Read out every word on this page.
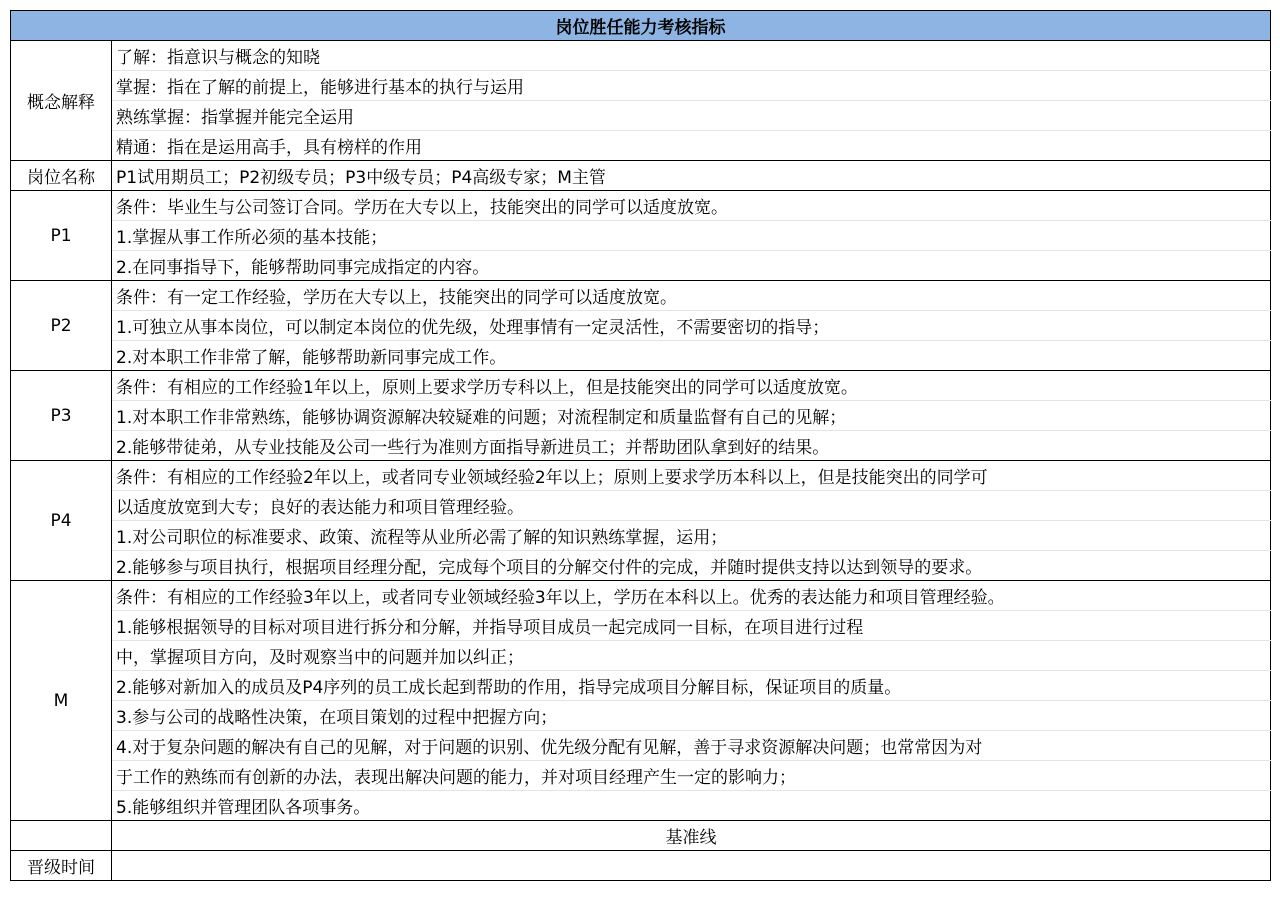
岗位胜任能力考核指标	
概念解释	了解：指意识与概念的知晓
	掌握：指在了解的前提上，能够进行基本的执行与运用
	熟练掌握：指掌握并能完全运用
	精通：指在是运用高手，具有榜样的作用
岗位名称	P1试用期员工；P2初级专员；P3中级专员；P4高级专家；M主管
P1	条件：毕业生与公司签订合同。学历在大专以上，技能突出的同学可以适度放宽。
	1.掌握从事工作所必须的基本技能；
	2.在同事指导下，能够帮助同事完成指定的内容。
P2	条件：有一定工作经验，学历在大专以上，技能突出的同学可以适度放宽。
	1.可独立从事本岗位，可以制定本岗位的优先级，处理事情有一定灵活性，不需要密切的指导；
	2.对本职工作非常了解，能够帮助新同事完成工作。
P3	条件：有相应的工作经验1年以上，原则上要求学历专科以上，但是技能突出的同学可以适度放宽。
	1.对本职工作非常熟练，能够协调资源解决较疑难的问题；对流程制定和质量监督有自己的见解；
	2.能够带徒弟，从专业技能及公司一些行为准则方面指导新进员工；并帮助团队拿到好的结果。
P4	条件：有相应的工作经验2年以上，或者同专业领域经验2年以上；原则上要求学历本科以上，但是技能突出的同学可
	以适度放宽到大专；良好的表达能力和项目管理经验。
	1.对公司职位的标准要求、政策、流程等从业所必需了解的知识熟练掌握，运用；
	2.能够参与项目执行，根据项目经理分配，完成每个项目的分解交付件的完成，并随时提供支持以达到领导的要求。
M	条件：有相应的工作经验3年以上，或者同专业领域经验3年以上，学历在本科以上。优秀的表达能力和项目管理经验。
	1.能够根据领导的目标对项目进行拆分和分解，并指导项目成员一起完成同一目标，在项目进行过程
	中，掌握项目方向，及时观察当中的问题并加以纠正；
	2.能够对新加入的成员及P4序列的员工成长起到帮助的作用，指导完成项目分解目标，保证项目的质量。
	3.参与公司的战略性决策，在项目策划的过程中把握方向；
	4.对于复杂问题的解决有自己的见解，对于问题的识别、优先级分配有见解，善于寻求资源解决问题；也常常因为对
	于工作的熟练而有创新的办法，表现出解决问题的能力，并对项目经理产生一定的影响力；
	5.能够组织并管理团队各项事务。
	基准线
晋级时间	
